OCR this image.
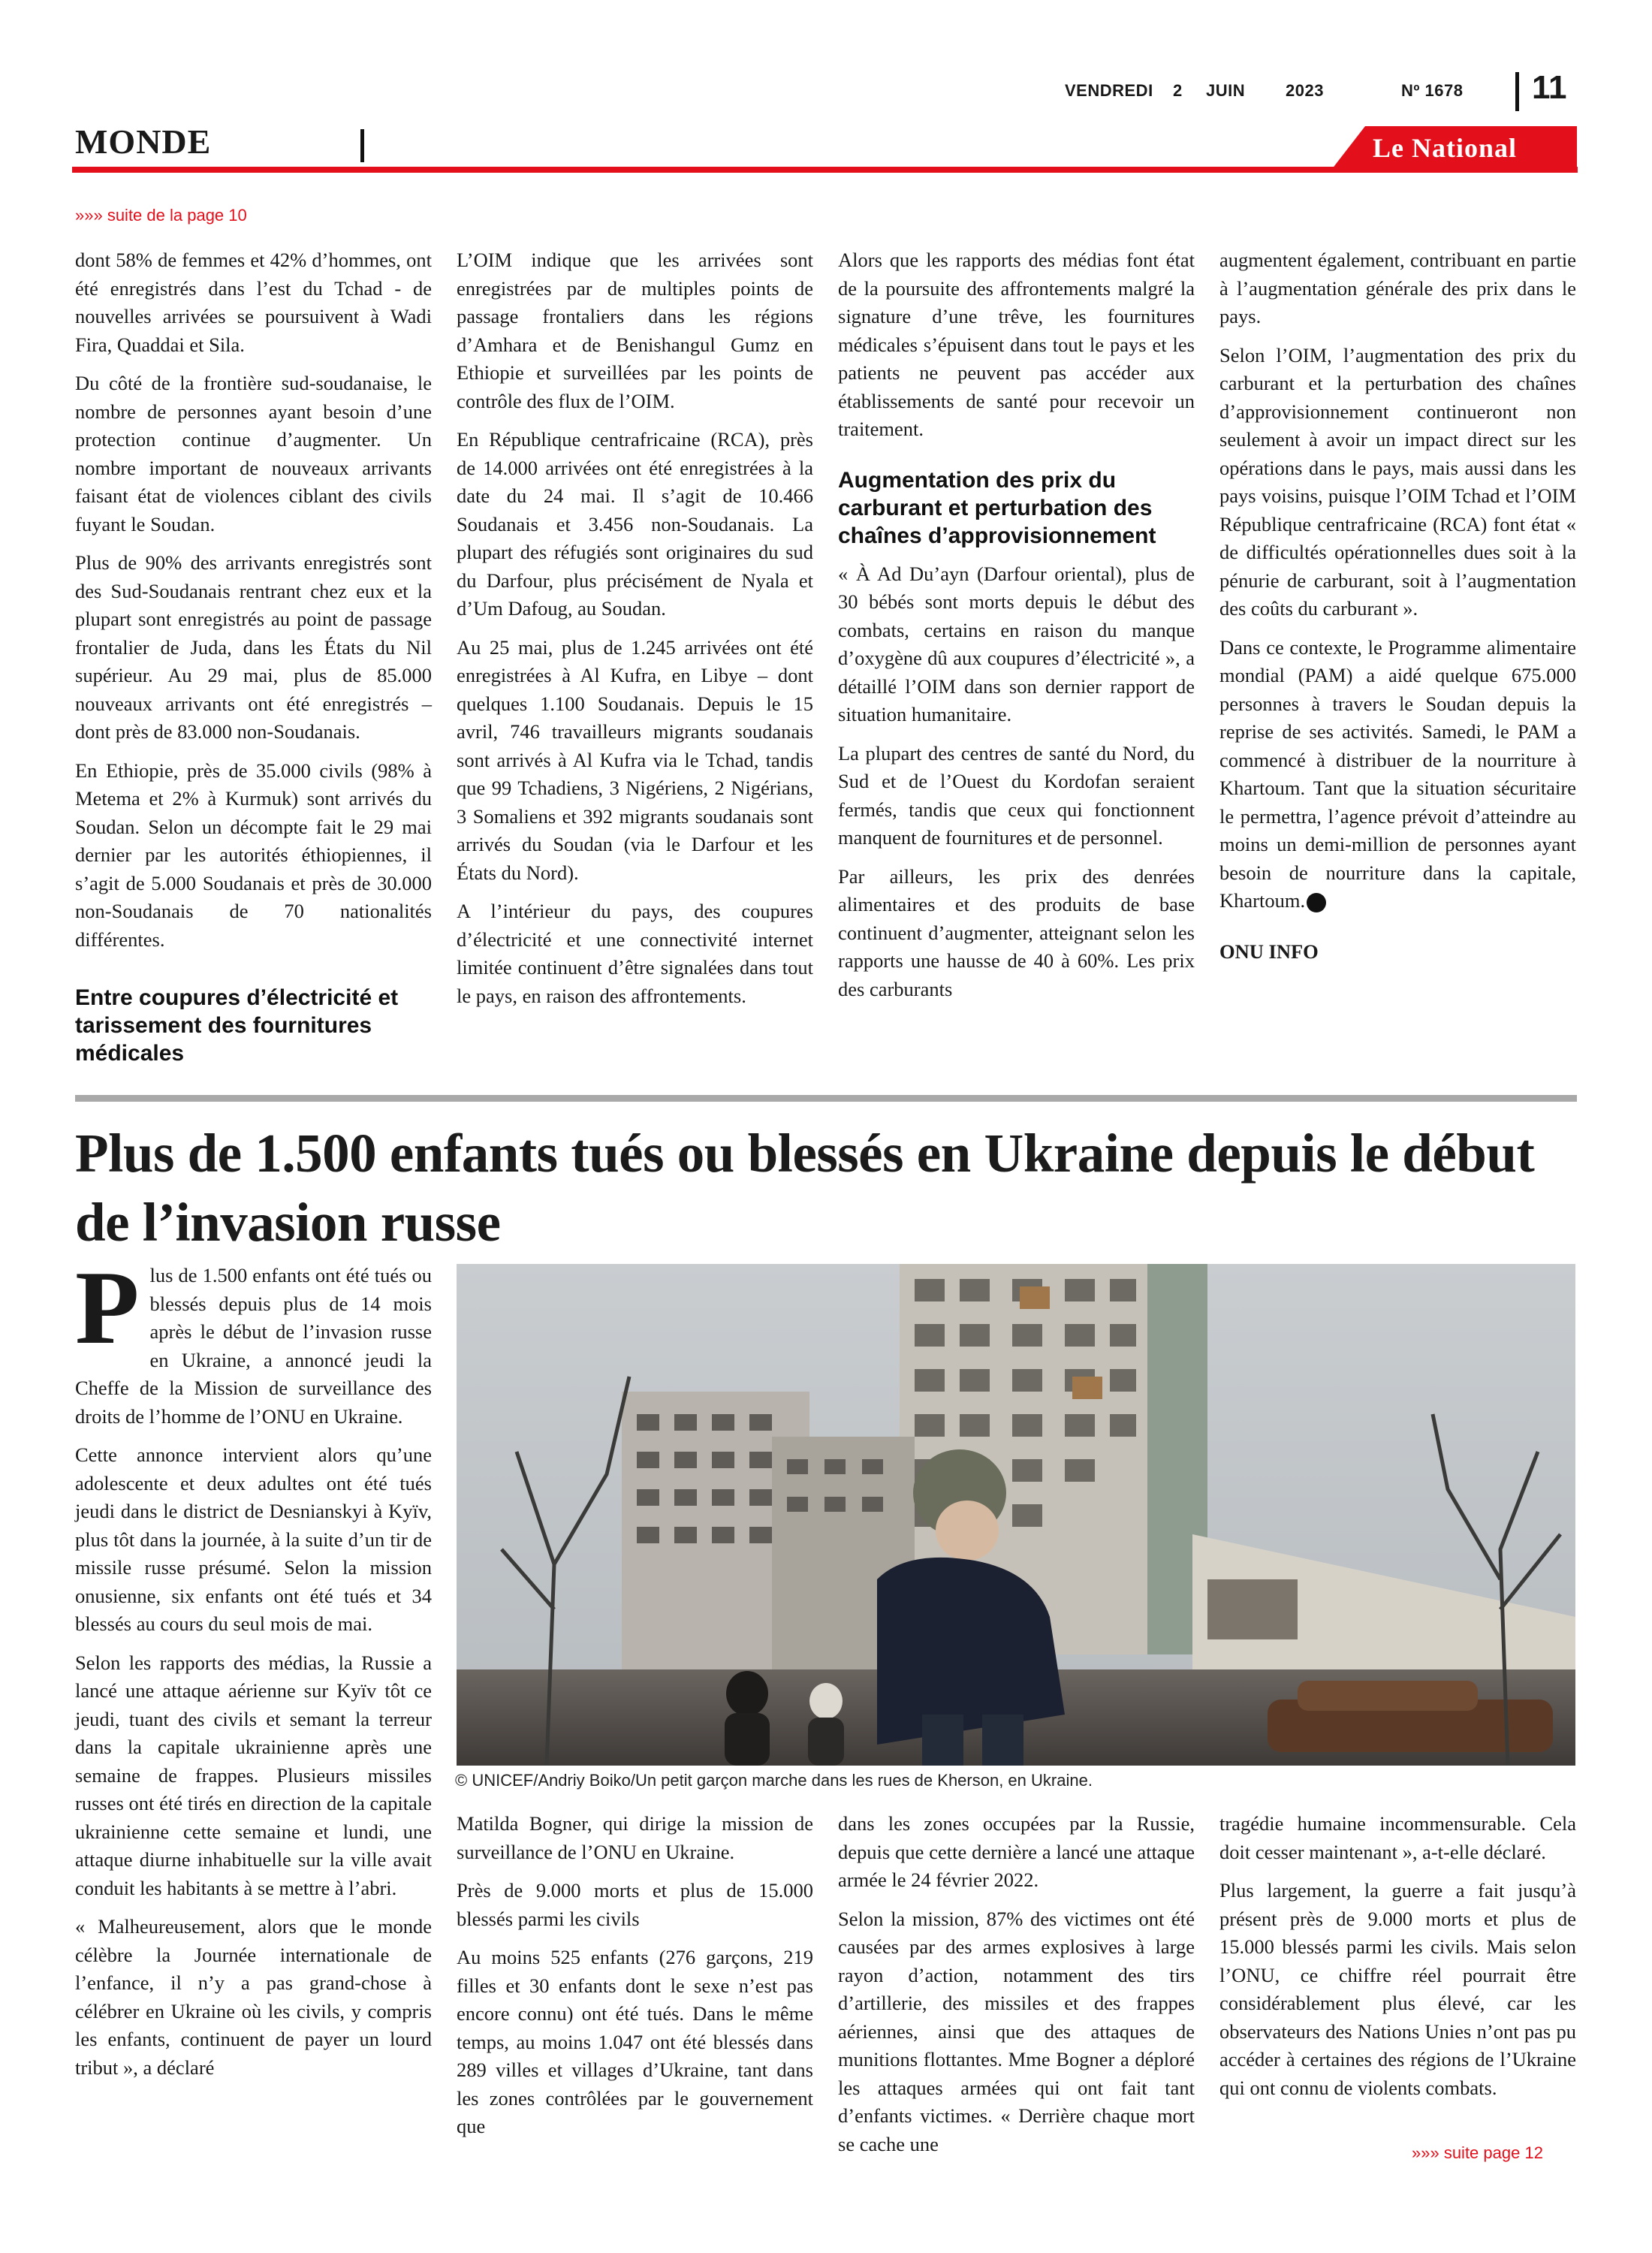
VENDREDI 2 JUIN 2023	Nº 1678 11
MONDE	Le National
»»» suite de la page 10

dont 58% de femmes et 42% d’hommes, ont été enregistrés dans l’est du Tchad - de nouvelles arrivées se poursuivent à Wadi Fira, Quaddai et Sila.

Du côté de la frontière sud-soudanaise, le nombre de personnes ayant besoin d’une protection continue d’augmenter. Un nombre important de nouveaux arrivants faisant état de violences ciblant des civils fuyant le Soudan.

Plus de 90% des arrivants enregistrés sont des Sud-Soudanais rentrant chez eux et la plupart sont enregistrés au point de passage frontalier de Juda, dans les États du Nil supérieur. Au 29 mai, plus de 85.000 nouveaux arrivants ont été enregistrés – dont près de 83.000 non-Soudanais.

En Ethiopie, près de 35.000 civils (98% à Metema et 2% à Kurmuk) sont arrivés du Soudan. Selon un décompte fait le 29 mai dernier par les autorités éthiopiennes, il s’agit de 5.000 Soudanais et près de 30.000 non-Soudanais de 70 nationalités différentes.

Entre coupures d’électricité et tarissement des fournitures médicales

L’OIM indique que les arrivées sont enregistrées par de multiples points de passage frontaliers dans les régions d’Amhara et de Benishangul Gumz en Ethiopie et surveillées par les points de contrôle des flux de l’OIM.

En République centrafricaine (RCA), près de 14.000 arrivées ont été enregistrées à la date du 24 mai. Il s’agit de 10.466 Soudanais et 3.456 non-Soudanais. La plupart des réfugiés sont originaires du sud du Darfour, plus précisément de Nyala et d’Um Dafoug, au Soudan.

Au 25 mai, plus de 1.245 arrivées ont été enregistrées à Al Kufra, en Libye – dont quelques 1.100 Soudanais. Depuis le 15 avril, 746 travailleurs migrants soudanais sont arrivés à Al Kufra via le Tchad, tandis que 99 Tchadiens, 3 Nigériens, 2 Nigérians, 3 Somaliens et 392 migrants soudanais sont arrivés du Soudan (via le Darfour et les États du Nord).

A l’intérieur du pays, des coupures d’électricité et une connectivité internet limitée continuent d’être signalées dans tout le pays, en raison des affrontements.

Alors que les rapports des médias font état de la poursuite des affrontements malgré la signature d’une trêve, les fournitures médicales s’épuisent dans tout le pays et les patients ne peuvent pas accéder aux établissements de santé pour recevoir un traitement.

Augmentation des prix du carburant et perturbation des chaînes d’approvisionnement

« À Ad Du’ayn (Darfour oriental), plus de 30 bébés sont morts depuis le début des combats, certains en raison du manque d’oxygène dû aux coupures d’électricité », a détaillé l’OIM dans son dernier rapport de situation humanitaire.

La plupart des centres de santé du Nord, du Sud et de l’Ouest du Kordofan seraient fermés, tandis que ceux qui fonctionnent manquent de fournitures et de personnel.

Par ailleurs, les prix des denrées alimentaires et des produits de base continuent d’augmenter, atteignant selon les rapports une hausse de 40 à 60%. Les prix des carburants

augmentent également, contribuant en partie à l’augmentation générale des prix dans le pays.

Selon l’OIM, l’augmentation des prix du carburant et la perturbation des chaînes d’approvisionnement continueront non seulement à avoir un impact direct sur les opérations dans le pays, mais aussi dans les pays voisins, puisque l’OIM Tchad et l’OIM République centrafricaine (RCA) font état « de difficultés opérationnelles dues soit à la pénurie de carburant, soit à l’augmentation des coûts du carburant ».

Dans ce contexte, le Programme alimentaire mondial (PAM) a aidé quelque 675.000 personnes à travers le Soudan depuis la reprise de ses activités. Samedi, le PAM a commencé à distribuer de la nourriture à Khartoum. Tant que la situation sécuritaire le permettra, l’agence prévoit d’atteindre au moins un demi-million de personnes ayant besoin de nourriture dans la capitale, Khartoum.

ONU INFO

Plus de 1.500 enfants tués ou blessés en Ukraine depuis le début de l’invasion russe

Plus de 1.500 enfants ont été tués ou blessés depuis plus de 14 mois après le début de l’invasion russe en Ukraine, a annoncé jeudi la Cheffe de la Mission de surveillance des droits de l’homme de l’ONU en Ukraine.

Cette annonce intervient alors qu’une adolescente et deux adultes ont été tués jeudi dans le district de Desnianskyi à Kyïv, plus tôt dans la journée, à la suite d’un tir de missile russe présumé. Selon la mission onusienne, six enfants ont été tués et 34 blessés au cours du seul mois de mai.

Selon les rapports des médias, la Russie a lancé une attaque aérienne sur Kyïv tôt ce jeudi, tuant des civils et semant la terreur dans la capitale ukrainienne après une semaine de frappes. Plusieurs missiles russes ont été tirés en direction de la capitale ukrainienne cette semaine et lundi, une attaque diurne inhabituelle sur la ville avait conduit les habitants à se mettre à l’abri.

« Malheureusement, alors que le monde célèbre la Journée internationale de l’enfance, il n’y a pas grand-chose à célébrer en Ukraine où les civils, y compris les enfants, continuent de payer un lourd tribut », a déclaré

© UNICEF/Andriy Boiko/Un petit garçon marche dans les rues de Kherson, en Ukraine.

Matilda Bogner, qui dirige la mission de surveillance de l’ONU en Ukraine.

Près de 9.000 morts et plus de 15.000 blessés parmi les civils

Au moins 525 enfants (276 garçons, 219 filles et 30 enfants dont le sexe n’est pas encore connu) ont été tués. Dans le même temps, au moins 1.047 ont été blessés dans 289 villes et villages d’Ukraine, tant dans les zones contrôlées par le gouvernement que

dans les zones occupées par la Russie, depuis que cette dernière a lancé une attaque armée le 24 février 2022.

Selon la mission, 87% des victimes ont été causées par des armes explosives à large rayon d’action, notamment des tirs d’artillerie, des missiles et des frappes aériennes, ainsi que des attaques de munitions flottantes. Mme Bogner a déploré les attaques armées qui ont fait tant d’enfants victimes. « Derrière chaque mort se cache une

tragédie humaine incommensurable. Cela doit cesser maintenant », a-t-elle déclaré.

Plus largement, la guerre a fait jusqu’à présent près de 9.000 morts et plus de 15.000 blessés parmi les civils. Mais selon l’ONU, ce chiffre réel pourrait être considérablement plus élevé, car les observateurs des Nations Unies n’ont pas pu accéder à certaines des régions de l’Ukraine qui ont connu de violents combats.

»»» suite page 12
